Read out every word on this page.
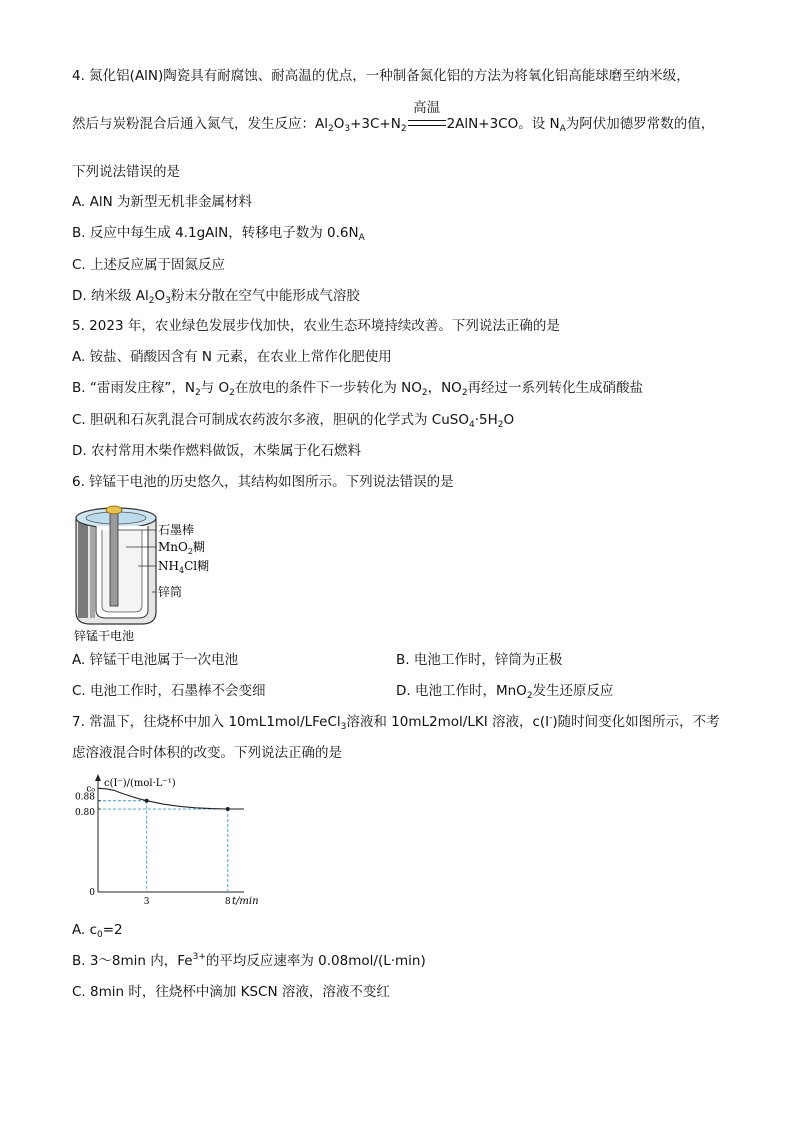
4. 氮化铝(AlN)陶瓷具有耐腐蚀、耐高温的优点，一种制备氮化铝的方法为将氧化铝高能球磨至纳米级，
然后与炭粉混合后通入氮气，发生反应：$Al_2O_3+3C+N_2$
高温
2AlN+3CO。设 $N_A$为阿伏加德罗常数的值，
下列说法错误的是
A. AlN 为新型无机非金属材料
B. 反应中每生成 4.1gAlN，转移电子数为 $0.6N_A$
C. 上述反应属于固氮反应
D. 纳米级 $Al_2O_3$粉末分散在空气中能形成气溶胶
5. 2023 年，农业绿色发展步伐加快，农业生态环境持续改善。下列说法正确的是
A. 铵盐、硝酸因含有 N 元素，在农业上常作化肥使用
B. “雷雨发庄稼”，$N_2$与 $O_2$在放电的条件下一步转化为 $NO_2$，$NO_2$再经过一系列转化生成硝酸盐
C. 胆矾和石灰乳混合可制成农药波尔多液，胆矾的化学式为 $CuSO_4\cdot 5H_2O$
D. 农村常用木柴作燃料做饭，木柴属于化石燃料
6. 锌锰干电池的历史悠久，其结构如图所示。下列说法错误的是
石墨棒
MnO$_2$糊
$NH_4Cl$糊
锌筒
锌锰干电池
A. 锌锰干电池属于一次电池	B. 电池工作时，锌筒为正极
C. 电池工作时，石墨棒不会变细	D. 电池工作时，MnO$_2$发生还原反应
7. 常温下，往烧杯中加入 10mL1mol/LFeCl$_3$溶液和 10mL2mol/LKI 溶液，c(I-)随时间变化如图所示，不考
虑溶液混合时体积的改变。下列说法正确的是
c(I⁻)/(mol·L⁻¹)
t/min
c₀
0.88
0.80
0
3	8
A. $c_0=2$
B. 3～8min 内，$Fe^{3+}$的平均反应速率为 0.08mol/(L·min)
C. 8min 时，往烧杯中滴加 KSCN 溶液，溶液不变红
